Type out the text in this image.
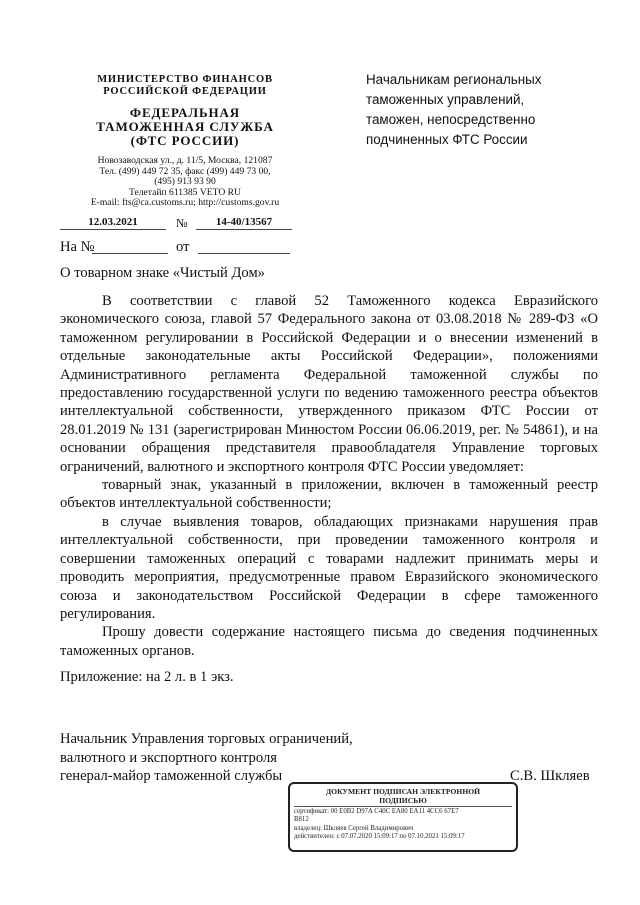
МИНИСТЕРСТВО ФИНАНСОВ
РОССИЙСКОЙ ФЕДЕРАЦИИ
ФЕДЕРАЛЬНАЯ
ТАМОЖЕННАЯ СЛУЖБА
(ФТС РОССИИ)
Новозаводская ул., д. 11/5, Москва, 121087
Тел. (499) 449 72 35, факс (499) 449 73 00,
(495) 913 93 90
Телетайп 611385 VETO RU
E-mail: fts@ca.customs.ru; http://customs.gov.ru
Начальникам региональных
таможенных управлений,
таможен, непосредственно
подчиненных ФТС России
12.03.2021	№	14-40/13567
На №	от
О товарном знаке «Чистый Дом»

В соответствии с главой 52 Таможенного кодекса Евразийского экономического союза, главой 57 Федерального закона от 03.08.2018 № 289-ФЗ «О таможенном регулировании в Российской Федерации и о внесении изменений в отдельные законодательные акты Российской Федерации», положениями Административного регламента Федеральной таможенной службы по предоставлению государственной услуги по ведению таможенного реестра объектов интеллектуальной собственности, утвержденного приказом ФТС России от 28.01.2019 № 131 (зарегистрирован Минюстом России 06.06.2019, рег. № 54861), и на основании обращения представителя правообладателя Управление торговых ограничений, валютного и экспортного контроля ФТС России уведомляет:

товарный знак, указанный в приложении, включен в таможенный реестр объектов интеллектуальной собственности;

в случае выявления товаров, обладающих признаками нарушения прав интеллектуальной собственности, при проведении таможенного контроля и совершении таможенных операций с товарами надлежит принимать меры и проводить мероприятия, предусмотренные правом Евразийского экономического союза и законодательством Российской Федерации в сфере таможенного регулирования.

Прошу довести содержание настоящего письма до сведения подчиненных таможенных органов.

Приложение: на 2 л. в 1 экз.
Начальник Управления торговых ограничений,
валютного и экспортного контроля
генерал-майор таможенной службы	С.В. Шкляев
ДОКУМЕНТ ПОДПИСАН ЭЛЕКТРОННОЙ
ПОДПИСЬЮ
сертификат: 00 E0B2 D97A C40C EA80 EA11 4CC6 67E7
B812
владелец: Шкляев Сергей Владимирович
действителен: с 07.07.2020 15:09:17 по 07.10.2021 15:09:17
